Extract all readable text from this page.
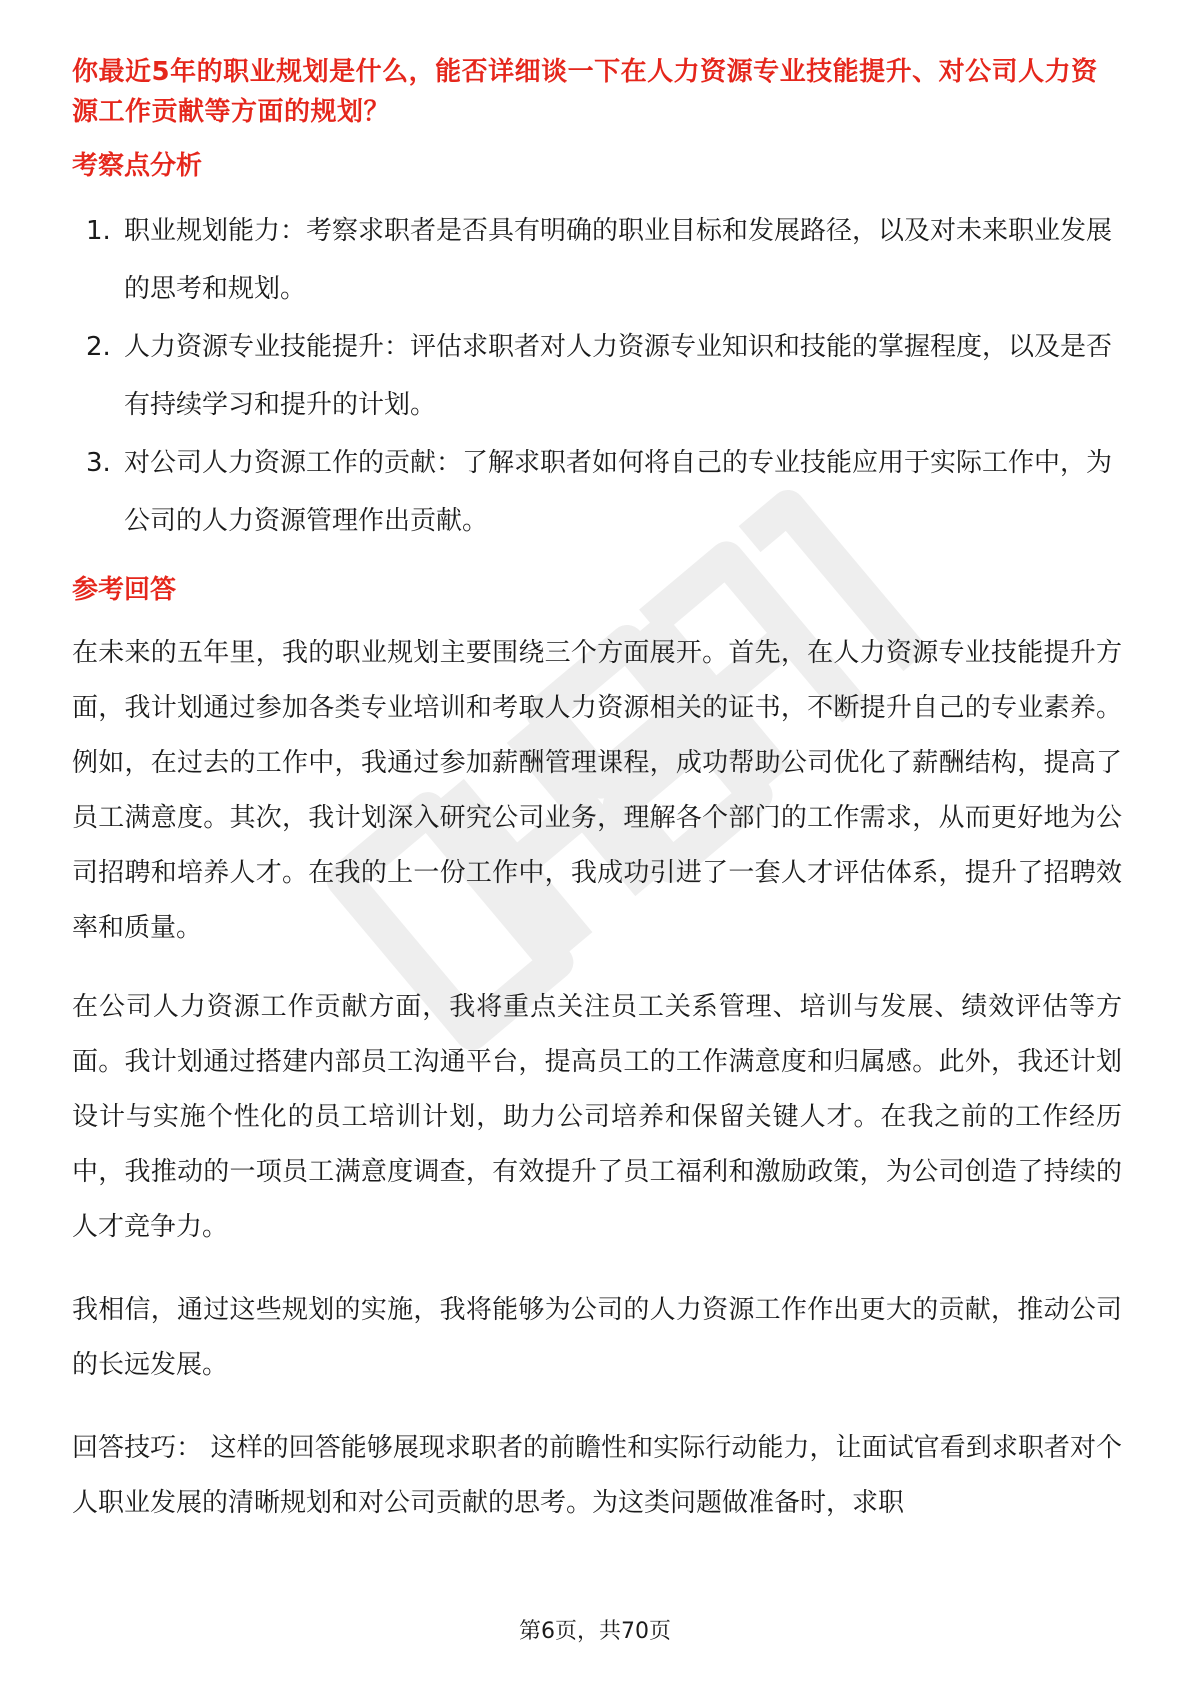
你最近5年的职业规划是什么，能否详细谈一下在人力资源专业技能提升、对公司人力资源工作贡献等方面的规划？

考察点分析
1. 职业规划能力：考察求职者是否具有明确的职业目标和发展路径，以及对未来职业发展的思考和规划。
2. 人力资源专业技能提升：评估求职者对人力资源专业知识和技能的掌握程度，以及是否有持续学习和提升的计划。
3. 对公司人力资源工作的贡献：了解求职者如何将自己的专业技能应用于实际工作中，为公司的人力资源管理作出贡献。
参考回答

在未来的五年里，我的职业规划主要围绕三个方面展开。首先，在人力资源专业技能提升方面，我计划通过参加各类专业培训和考取人力资源相关的证书，不断提升自己的专业素养。例如，在过去的工作中，我通过参加薪酬管理课程，成功帮助公司优化了薪酬结构，提高了员工满意度。其次，我计划深入研究公司业务，理解各个部门的工作需求，从而更好地为公司招聘和培养人才。在我的上一份工作中，我成功引进了一套人才评估体系，提升了招聘效率和质量。

在公司人力资源工作贡献方面，我将重点关注员工关系管理、培训与发展、绩效评估等方面。我计划通过搭建内部员工沟通平台，提高员工的工作满意度和归属感。此外，我还计划设计与实施个性化的员工培训计划，助力公司培养和保留关键人才。在我之前的工作经历中，我推动的一项员工满意度调查，有效提升了员工福利和激励政策，为公司创造了持续的人才竞争力。

我相信，通过这些规划的实施，我将能够为公司的人力资源工作作出更大的贡献，推动公司的长远发展。

回答技巧： 这样的回答能够展现求职者的前瞻性和实际行动能力，让面试官看到求职者对个人职业发展的清晰规划和对公司贡献的思考。为这类问题做准备时，求职

第6页，共70页
